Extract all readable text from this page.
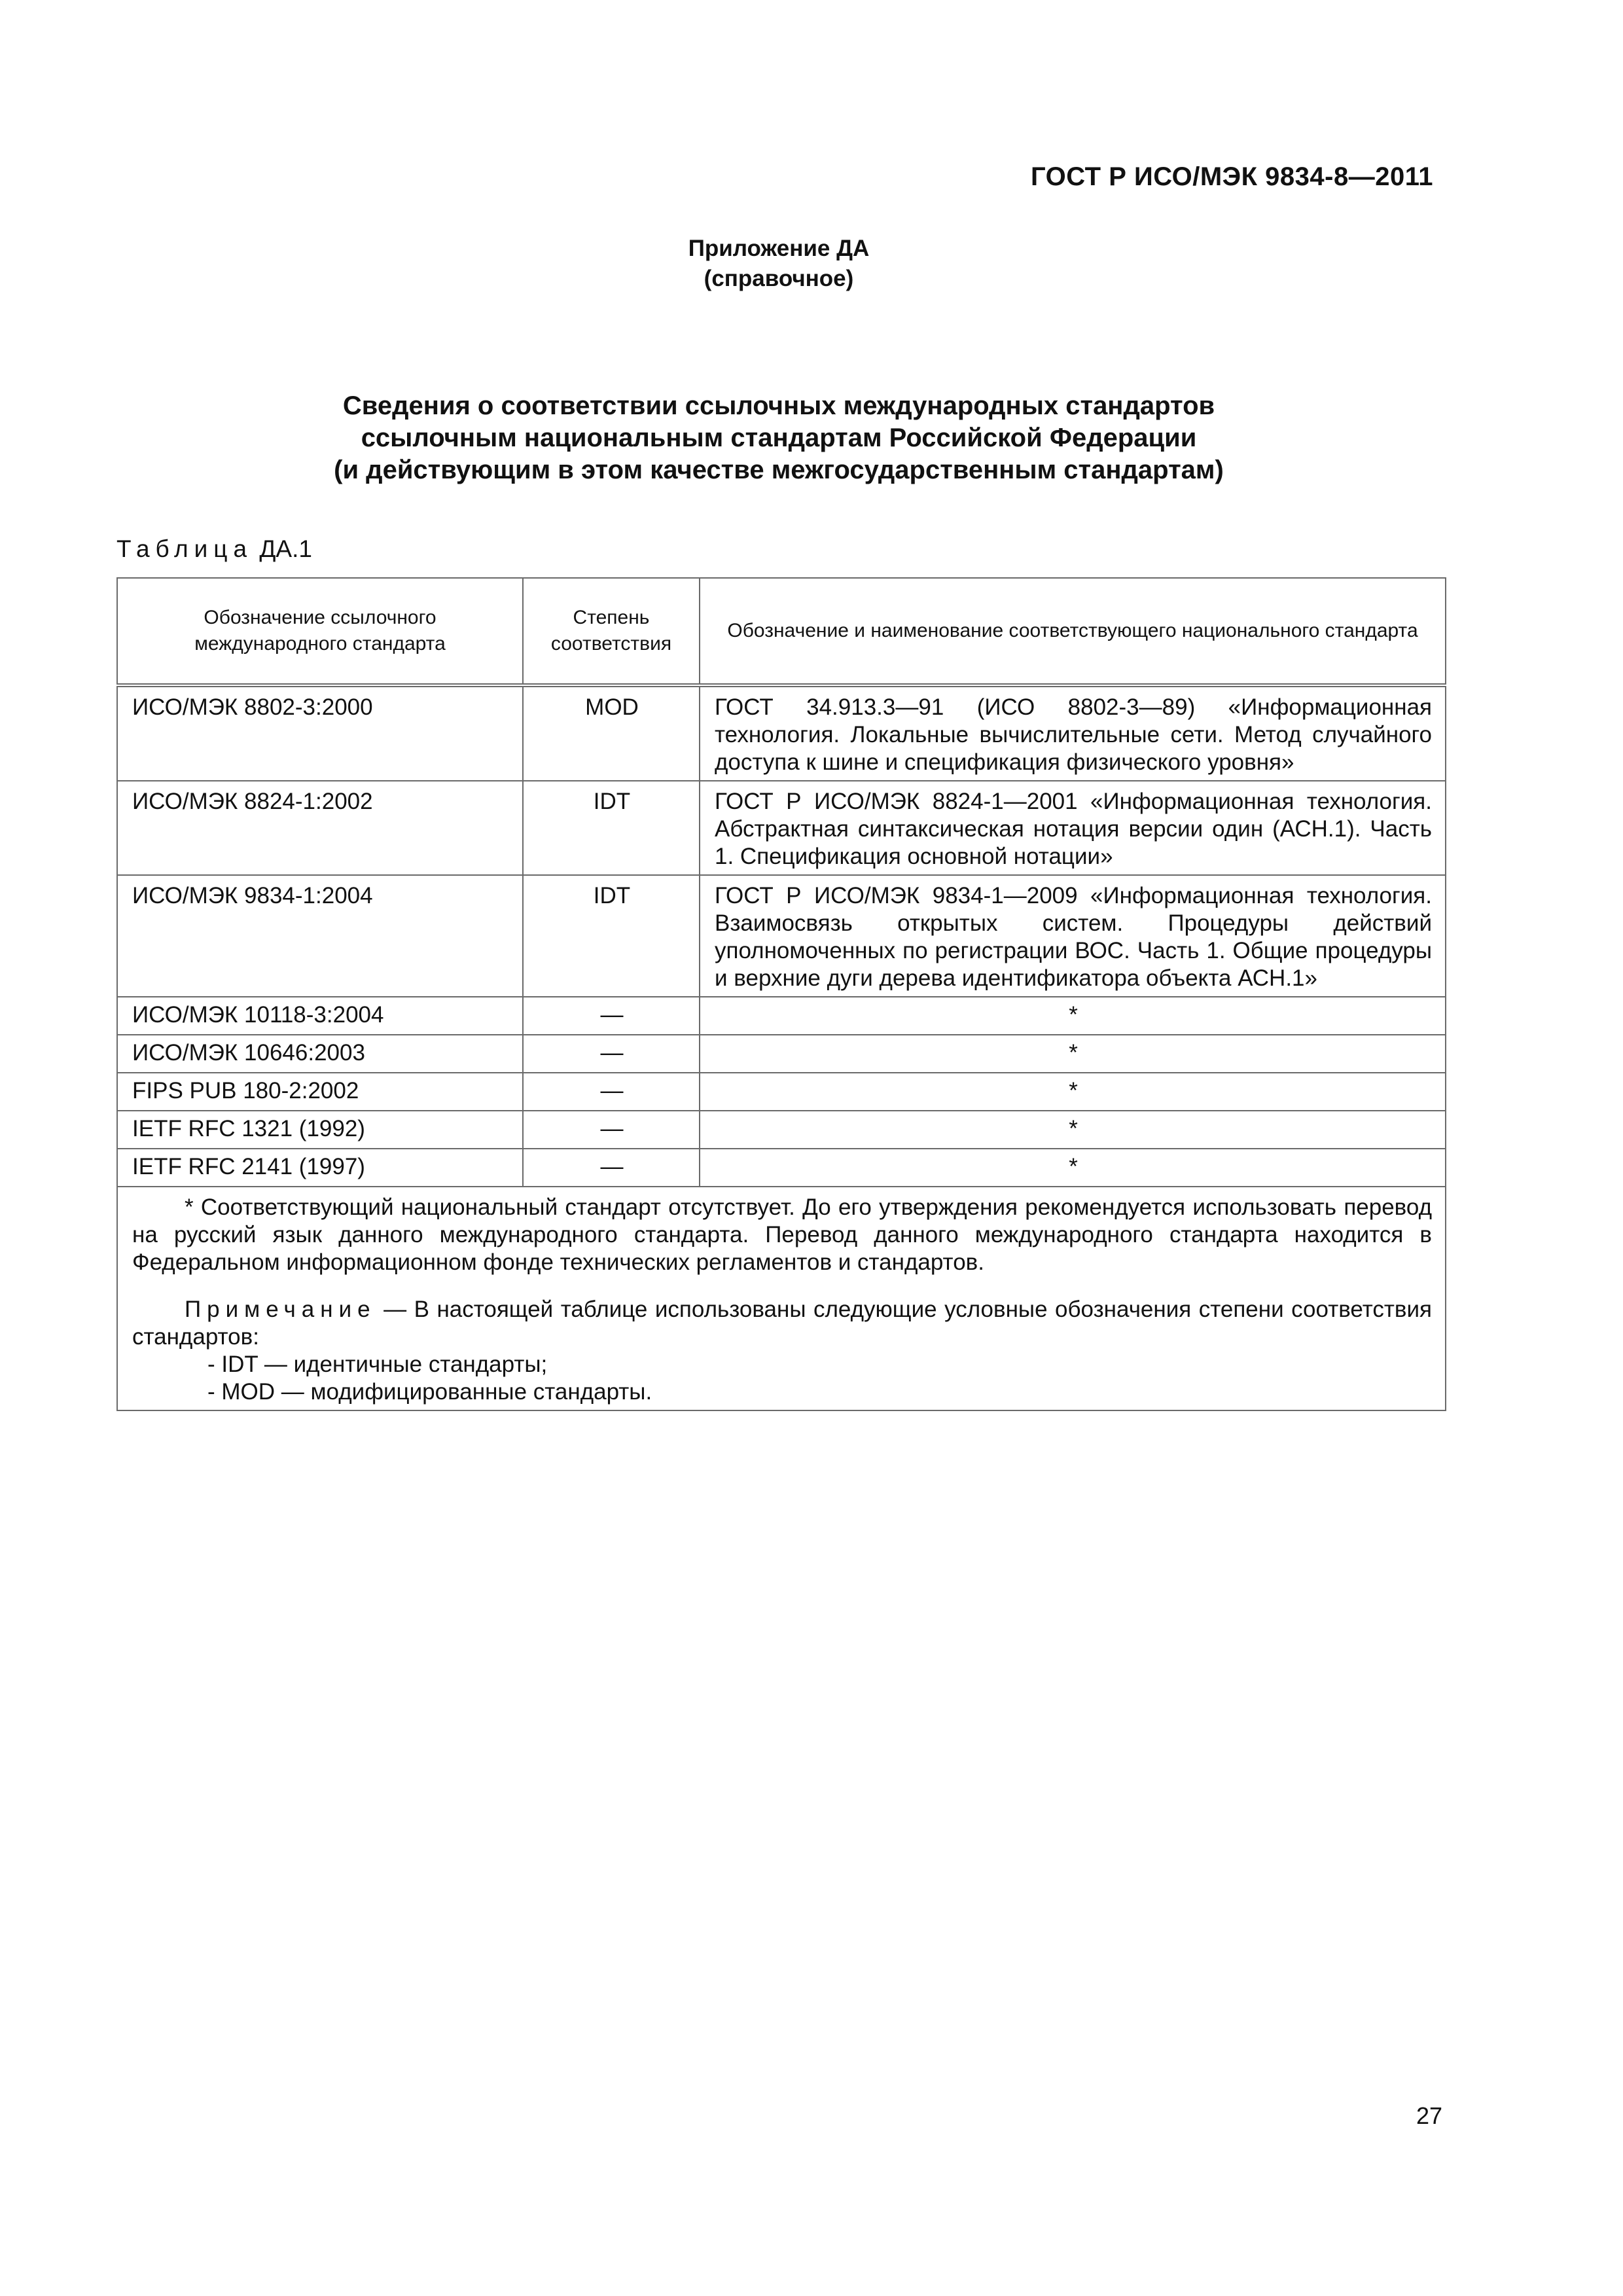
ГОСТ Р ИСО/МЭК 9834-8—2011
Приложение ДА
(справочное)
Сведения о соответствии ссылочных международных стандартов
ссылочным национальным стандартам Российской Федерации
(и действующим в этом качестве межгосударственным стандартам)
Таблица ДА.1
Обозначение ссылочного международного стандарта	Степень соответствия	Обозначение и наименование соответствующего национального стандарта
ИСО/МЭК 8802-3:2000	MOD	ГОСТ 34.913.3—91 (ИСО 8802-3—89) «Информационная технология. Локальные вычислительные сети. Метод случайного доступа к шине и спецификация физического уровня»
ИСО/МЭК 8824-1:2002	IDT	ГОСТ Р ИСО/МЭК 8824-1—2001 «Информационная технология. Абстрактная синтаксическая нотация версии один (АСН.1). Часть 1. Спецификация основной нотации»
ИСО/МЭК 9834-1:2004	IDT	ГОСТ Р ИСО/МЭК 9834-1—2009 «Информационная технология. Взаимосвязь открытых систем. Процедуры действий уполномоченных по регистрации ВОС. Часть 1. Общие процедуры и верхние дуги дерева идентификатора объекта АСН.1»
ИСО/МЭК 10118-3:2004	—	*
ИСО/МЭК 10646:2003	—	*
FIPS PUB 180-2:2002	—	*
IETF RFC 1321 (1992)	—	*
IETF RFC 2141 (1997)	—	*

* Соответствующий национальный стандарт отсутствует. До его утверждения рекомендуется использовать перевод на русский язык данного международного стандарта. Перевод данного международного стандарта находится в Федеральном информационном фонде технических регламентов и стандартов.

Примечание — В настоящей таблице использованы следующие условные обозначения степени соответствия стандартов:

- IDT — идентичные стандарты;
- MOD — модифицированные стандарты.		
27
